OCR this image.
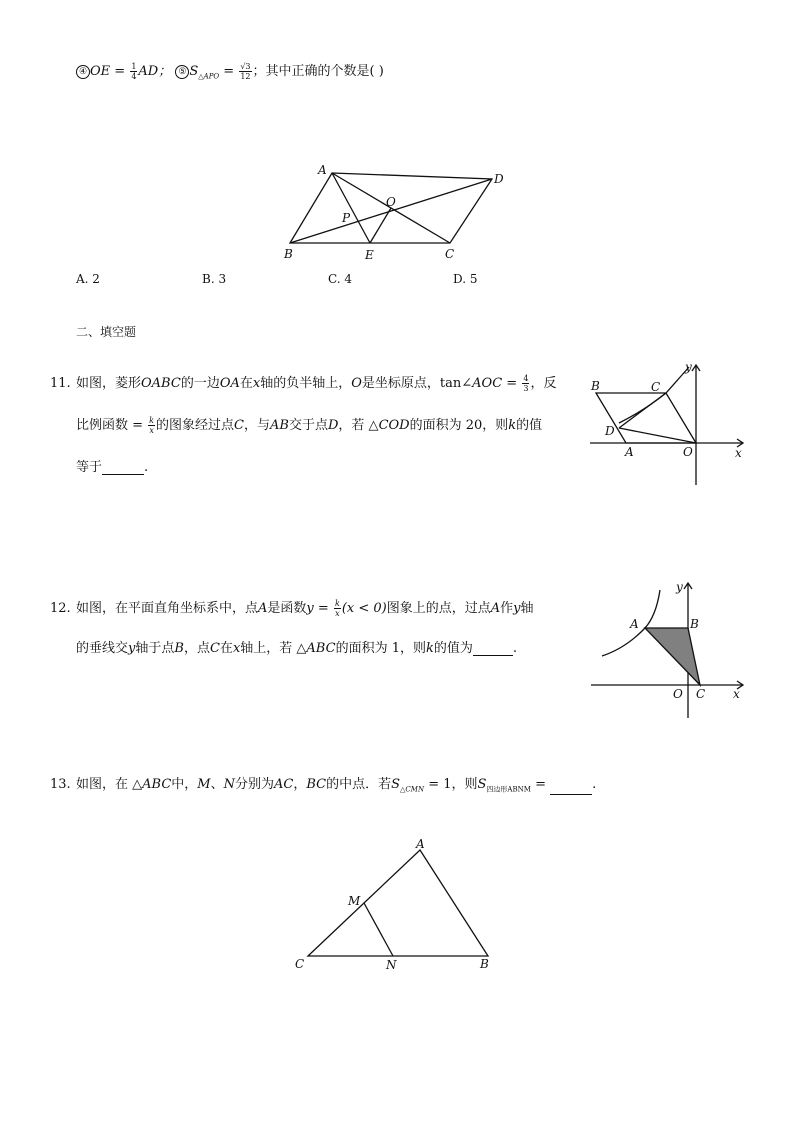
④ OE = $\frac{1}{4}$ AD； ⑤ $S_{\triangle APO} = \frac{√3}{12}$ ；其中正确的个数是( )
A
D
O
P
B	E	C
A. 2	B. 3	C. 4	D. 5
二、填空题
11. 如图，菱形OABC的一边OA在x轴的负半轴上，O是坐标原点，tan∠AOC = $\frac{4}{3}$ ，反
比例函数 = $\frac{k}{x}$ 的图象经过点C，与AB交于点D，若 △COD的面积为 20，则k的值
等于	.
B	C
D
A	O	x
y
12. 如图，在平面直角坐标系中，点A是函数$y = \frac{k}{x} (x < 0)$图象上的点，过点A作y轴
的垂线交y轴于点B，点C在x轴上，若 △ABC的面积为 1，则k的值为	.
A	B
O C x
y
13. 如图，在 △ABC中，M、N分别为AC，BC的中点．若$S_{\triangle CMN} = 1$，则$S_{四边形ABNM}$ =	.
A
M
C	N	B
